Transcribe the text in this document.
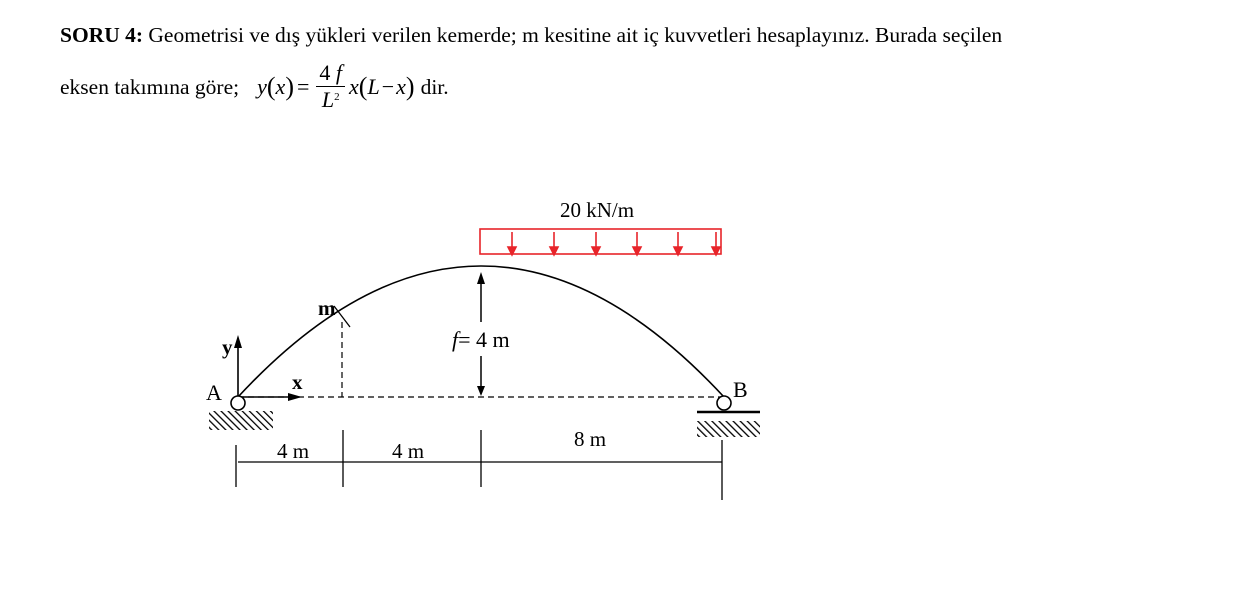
SORU 4: Geometrisi ve dış yükleri verilen kemerde; m kesitine ait iç kuvvetleri hesaplayınız. Burada seçilen
eksen takımına göre; y ( x ) = $\frac{4 f}{L^2}$ x ( L − x ) dir.
20 kN/m
m
f= 4 m
y
x
A	B
4 m	4 m	8 m
